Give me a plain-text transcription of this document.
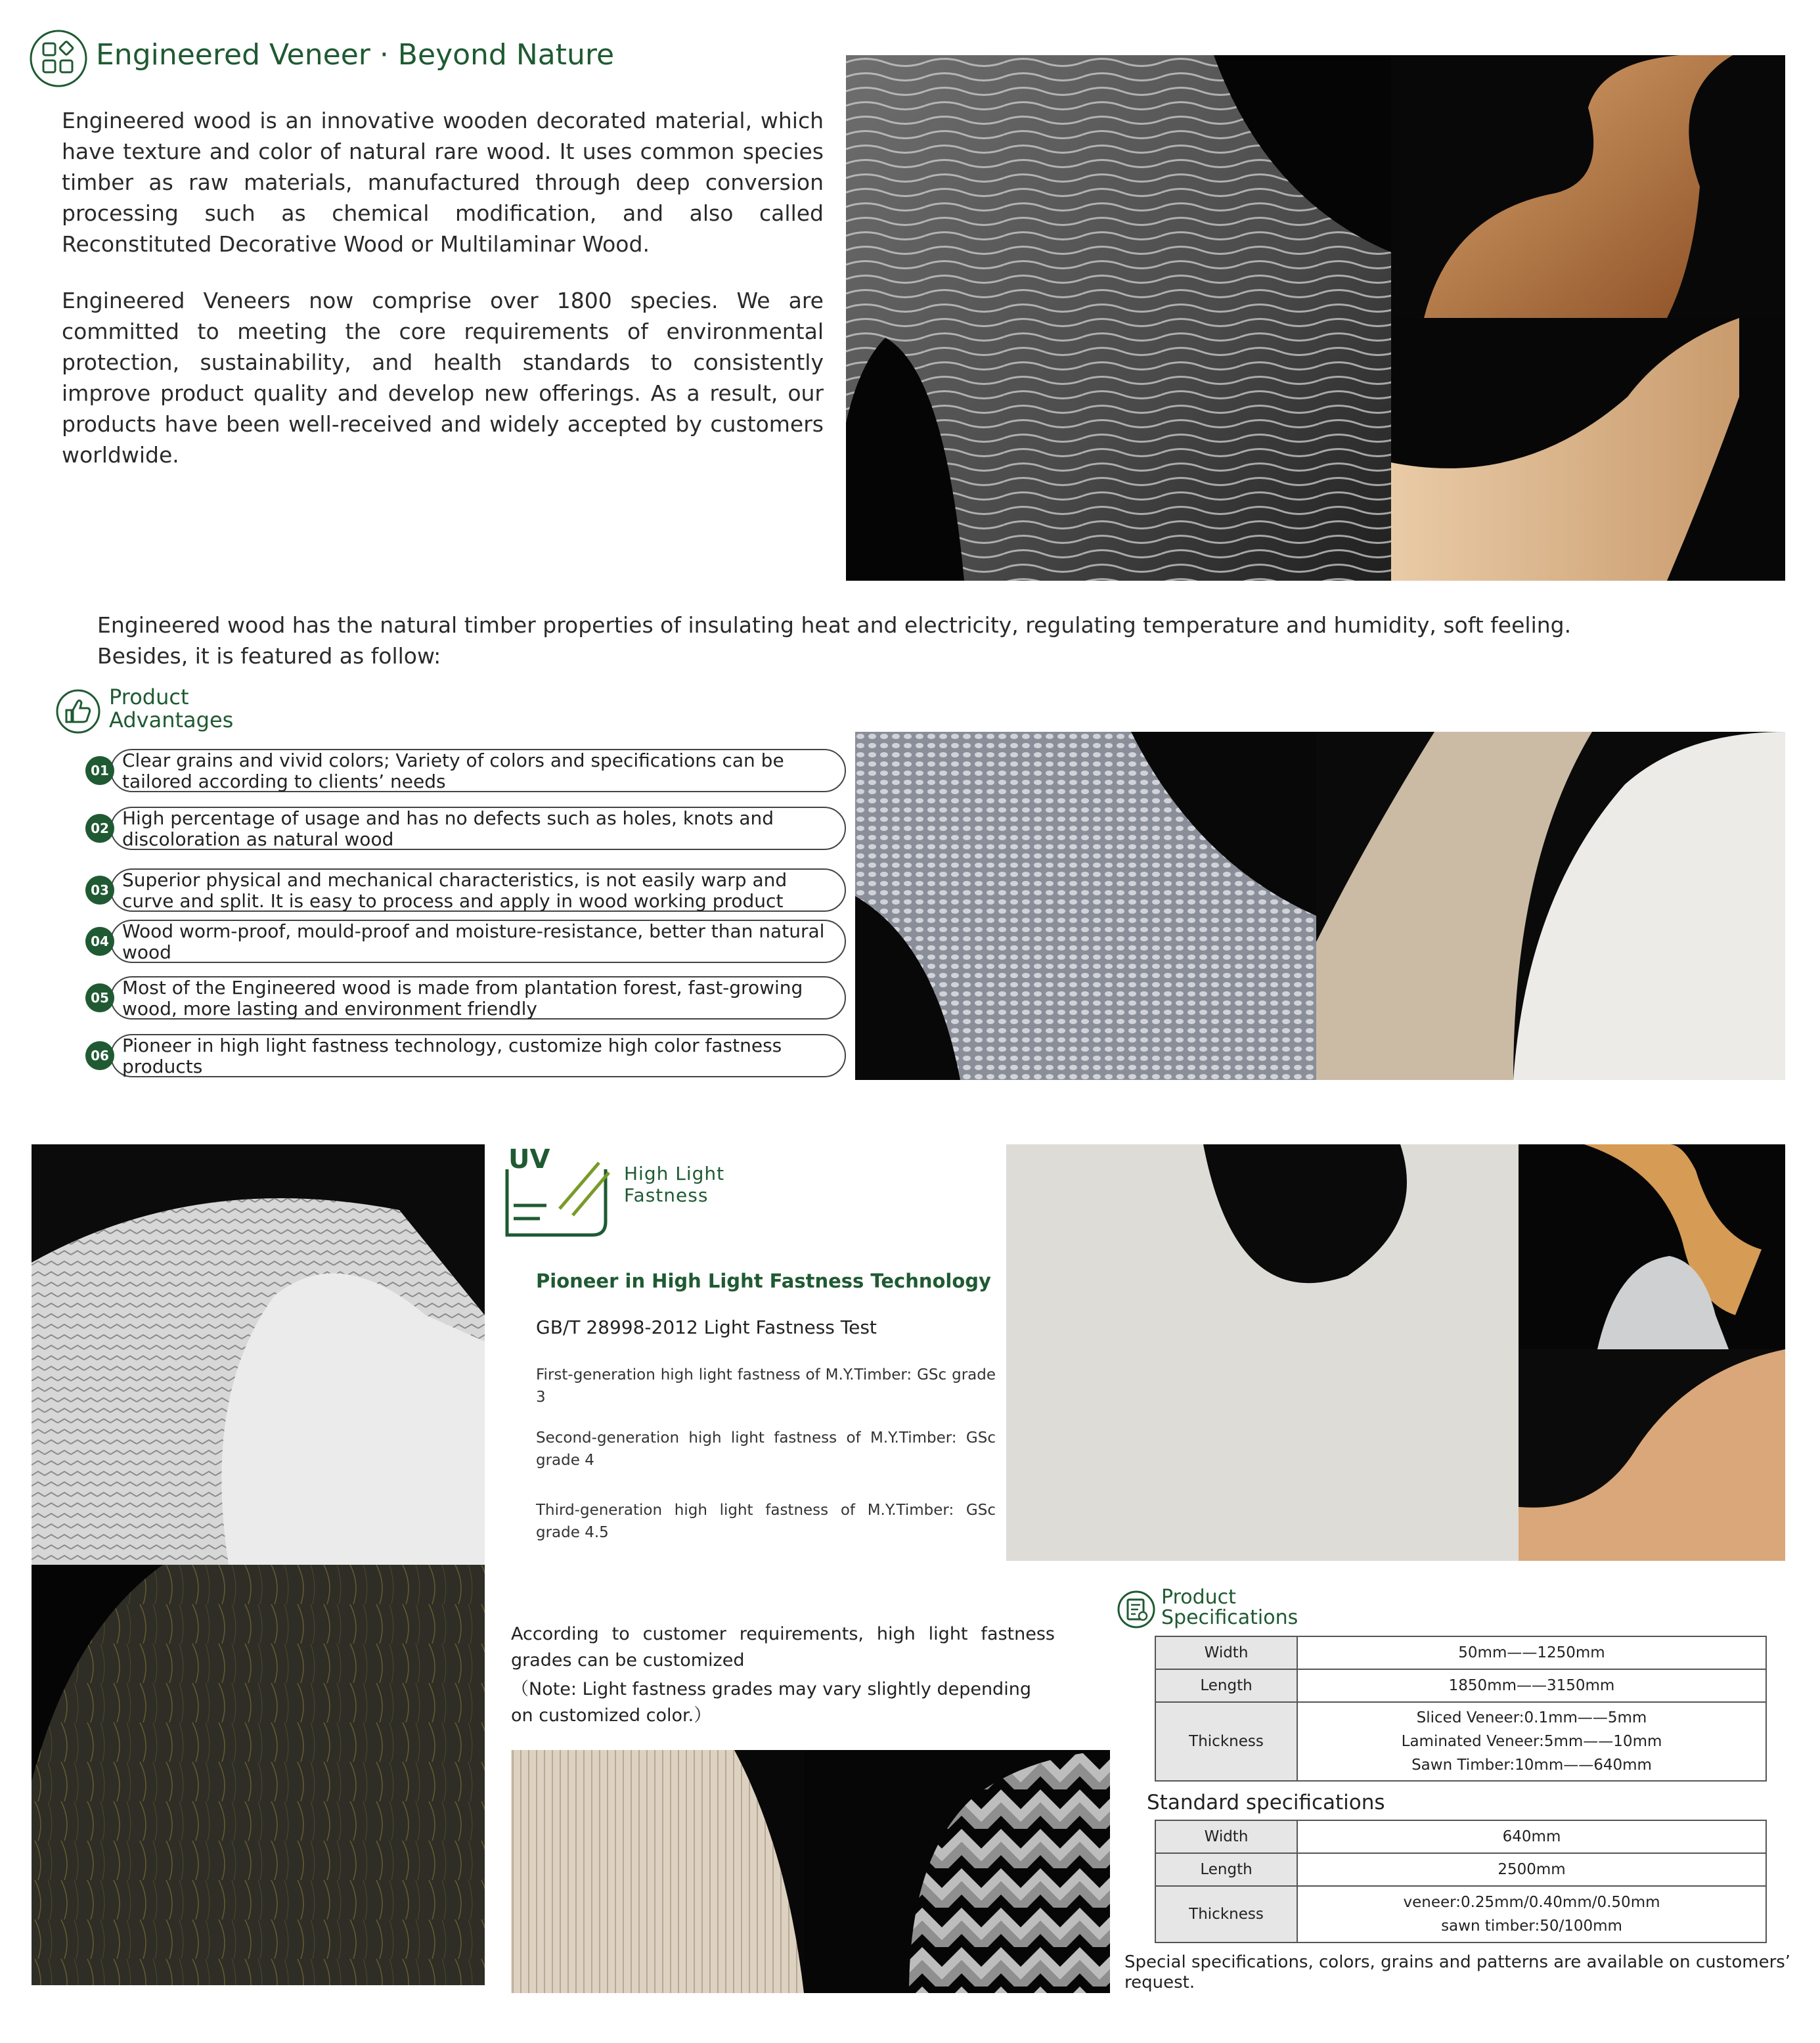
Engineered Veneer · Beyond Nature
Engineered wood is an innovative wooden decorated material, which have texture and color of natural rare wood. It uses common species timber as raw materials, manufactured through deep conversion processing such as chemical modification, and also called Reconstituted Decorative Wood or Multilaminar Wood.
Engineered Veneers now comprise over 1800 species. We are committed to meeting the core requirements of environmental protection, sustainability, and health standards to consistently improve product quality and develop new offerings. As a result, our products have been well-received and widely accepted by customers worldwide.
Engineered wood has the natural timber properties of insulating heat and electricity, regulating temperature and humidity, soft feeling. Besides, it is featured as follow:
Product
Advantages
01 Clear grains and vivid colors; Variety of colors and specifications can be tailored according to clients’ needs
02 High percentage of usage and has no defects such as holes, knots and discoloration as natural wood
03 Superior physical and mechanical characteristics, is not easily warp and curve and split. It is easy to process and apply in wood working product
04 Wood worm-proof, mould-proof and moisture-resistance, better than natural wood
05 Most of the Engineered wood is made from plantation forest, fast-growing wood, more lasting and environment friendly
06 Pioneer in high light fastness technology, customize high color fastness products
UV	High Light
Fastness
Pioneer in High Light Fastness Technology
GB/T 28998-2012 Light Fastness Test
First-generation high light fastness of M.Y.Timber: GSc grade 3
Second-generation high light fastness of M.Y.Timber: GSc grade 4
Third-generation high light fastness of M.Y.Timber: GSc grade 4.5
According to customer requirements, high light fastness grades can be customized
（Note: Light fastness grades may vary slightly depending on customized color.）
Product
Specifications
Width	50mm——1250mm
Length	1850mm——3150mm
Thickness	Sliced Veneer:0.1mm——5mm
Laminated Veneer:5mm——10mm
Sawn Timber:10mm——640mm
Standard specifications
Width	640mm
Length	2500mm
Thickness	veneer:0.25mm/0.40mm/0.50mm
sawn timber:50/100mm
Special specifications, colors, grains and patterns are available on customers’ request.
